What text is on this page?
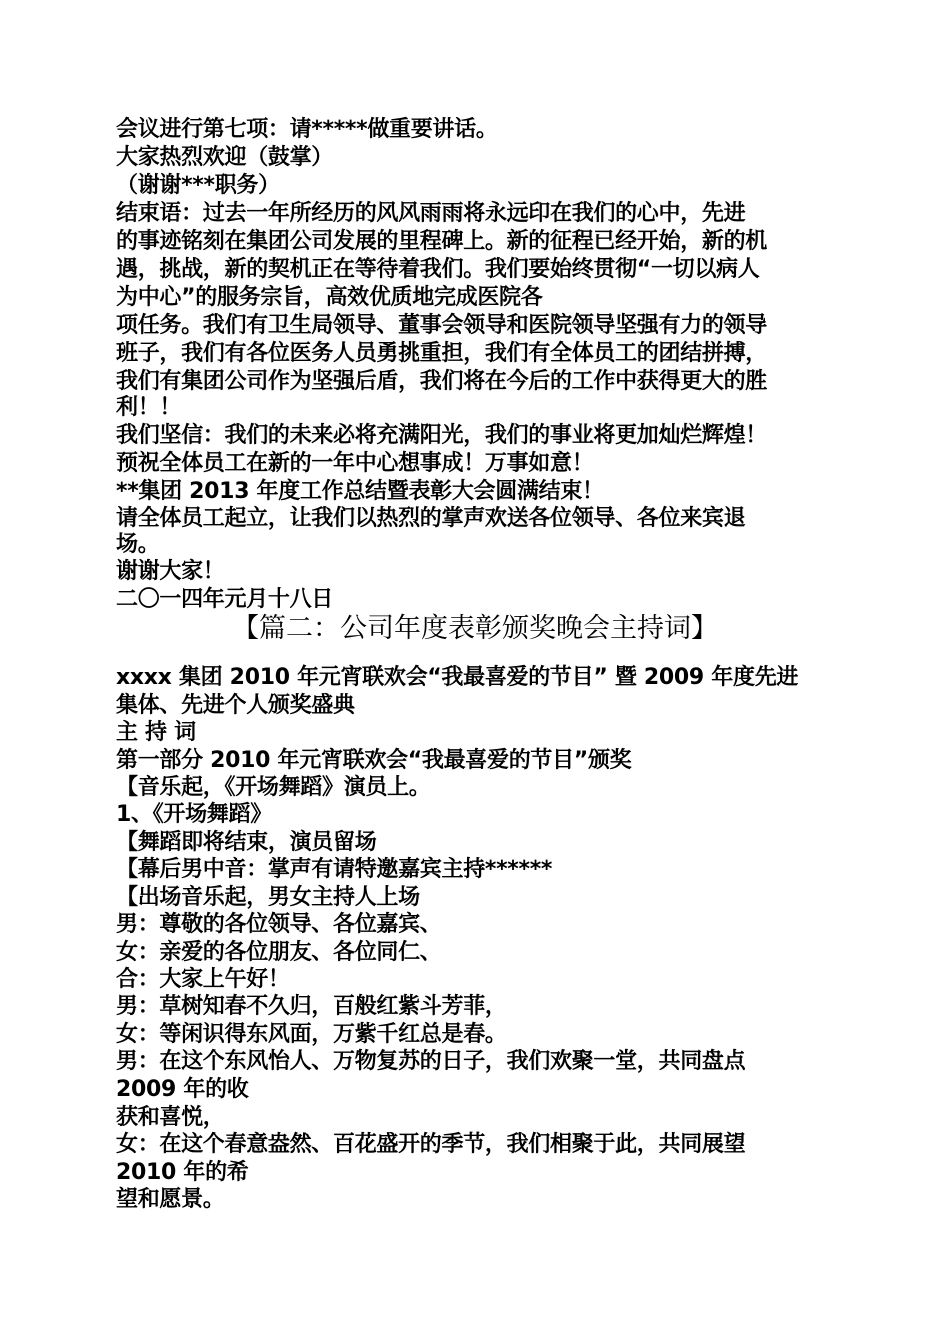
会议进行第七项：请*****做重要讲话。
大家热烈欢迎（鼓掌）
（谢谢***职务）
结束语：过去一年所经历的风风雨雨将永远印在我们的心中，先进
的事迹铭刻在集团公司发展的里程碑上。新的征程已经开始，新的机
遇，挑战，新的契机正在等待着我们。我们要始终贯彻“一切以病人
为中心”的服务宗旨，高效优质地完成医院各
项任务。我们有卫生局领导、董事会领导和医院领导坚强有力的领导
班子，我们有各位医务人员勇挑重担，我们有全体员工的团结拼搏，
我们有集团公司作为坚强后盾，我们将在今后的工作中获得更大的胜
利！！
我们坚信：我们的未来必将充满阳光，我们的事业将更加灿烂辉煌！
预祝全体员工在新的一年中心想事成！万事如意！
**集团 2013 年度工作总结暨表彰大会圆满结束！
请全体员工起立，让我们以热烈的掌声欢送各位领导、各位来宾退
场。
谢谢大家！
二〇一四年元月十八日
【篇二：公司年度表彰颁奖晚会主持词】
xxxx 集团 2010 年元宵联欢会“我最喜爱的节目” 暨 2009 年度先进
集体、先进个人颁奖盛典
主 持 词
第一部分 2010 年元宵联欢会“我最喜爱的节目”颁奖
【音乐起，《开场舞蹈》演员上。
1、《开场舞蹈》
【舞蹈即将结束，演员留场
【幕后男中音：掌声有请特邀嘉宾主持******
【出场音乐起，男女主持人上场
男：尊敬的各位领导、各位嘉宾、
女：亲爱的各位朋友、各位同仁、
合：大家上午好！
男：草树知春不久归，百般红紫斗芳菲，
女：等闲识得东风面，万紫千红总是春。
男：在这个东风怡人、万物复苏的日子，我们欢聚一堂，共同盘点
2009 年的收
获和喜悦，
女：在这个春意盎然、百花盛开的季节，我们相聚于此，共同展望
2010 年的希
望和愿景。
